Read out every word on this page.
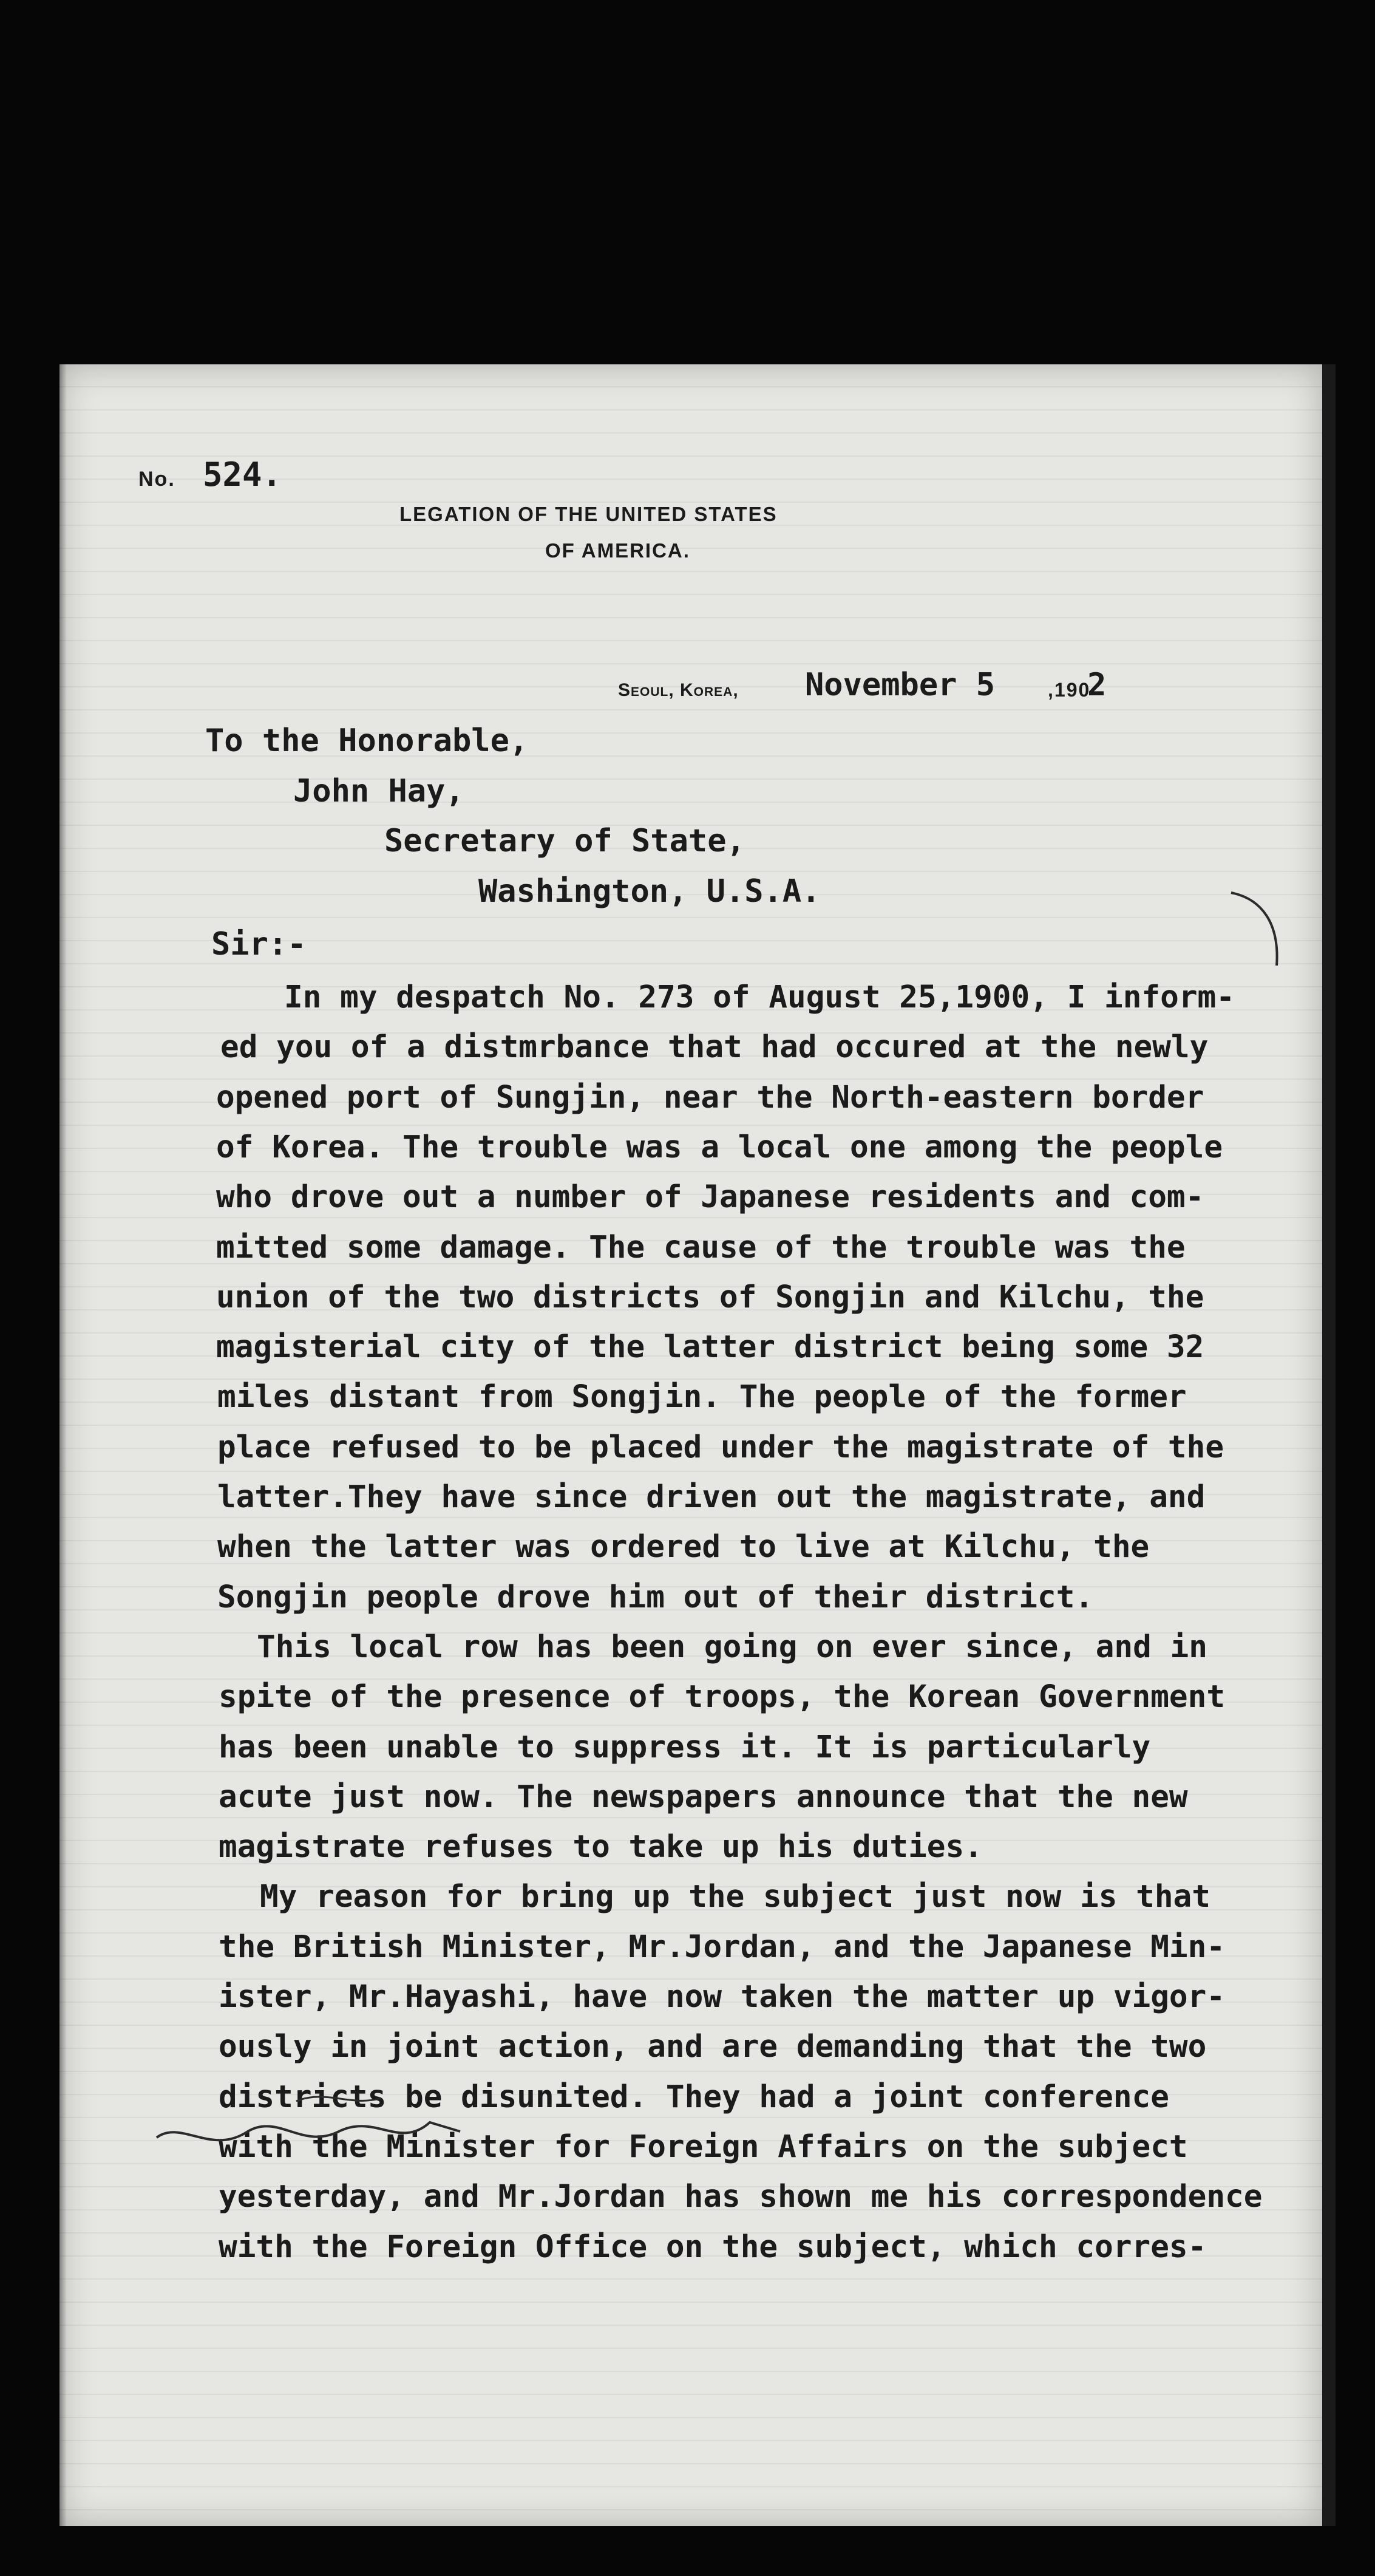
No. 524.
LEGATION OF THE UNITED STATES
OF AMERICA.
Seoul, Korea, November 5	,190
2
To the Honorable,
John Hay,
Secretary of State,
Washington, U.S.A.
Sir:-
In my despatch No. 273 of August 25,1900, I inform-
ed you of a distmrbance that had occured at the newly
opened port of Sungjin, near the North-eastern border
of Korea. The trouble was a local one among the people
who drove out a number of Japanese residents and com-
mitted some damage. The cause of the trouble was the
union of the two districts of Songjin and Kilchu, the
magisterial city of the latter district being some 32
miles distant from Songjin. The people of the former
place refused to be placed under the magistrate of the
latter.They have since driven out the magistrate, and
when the latter was ordered to live at Kilchu, the
Songjin people drove him out of their district.
This local row has been going on ever since, and in
spite of the presence of troops, the Korean Government
has been unable to suppress it. It is particularly
acute just now. The newspapers announce that the new
magistrate refuses to take up his duties.
My reason for bring up the subject just now is that
the British Minister, Mr.Jordan, and the Japanese Min-
ister, Mr.Hayashi, have now taken the matter up vigor-
ously in joint action, and are demanding that the two
districts be disunited. They had a joint conference
with the Minister for Foreign Affairs on the subject
yesterday, and Mr.Jordan has shown me his correspondence
with the Foreign Office on the subject, which corres-
